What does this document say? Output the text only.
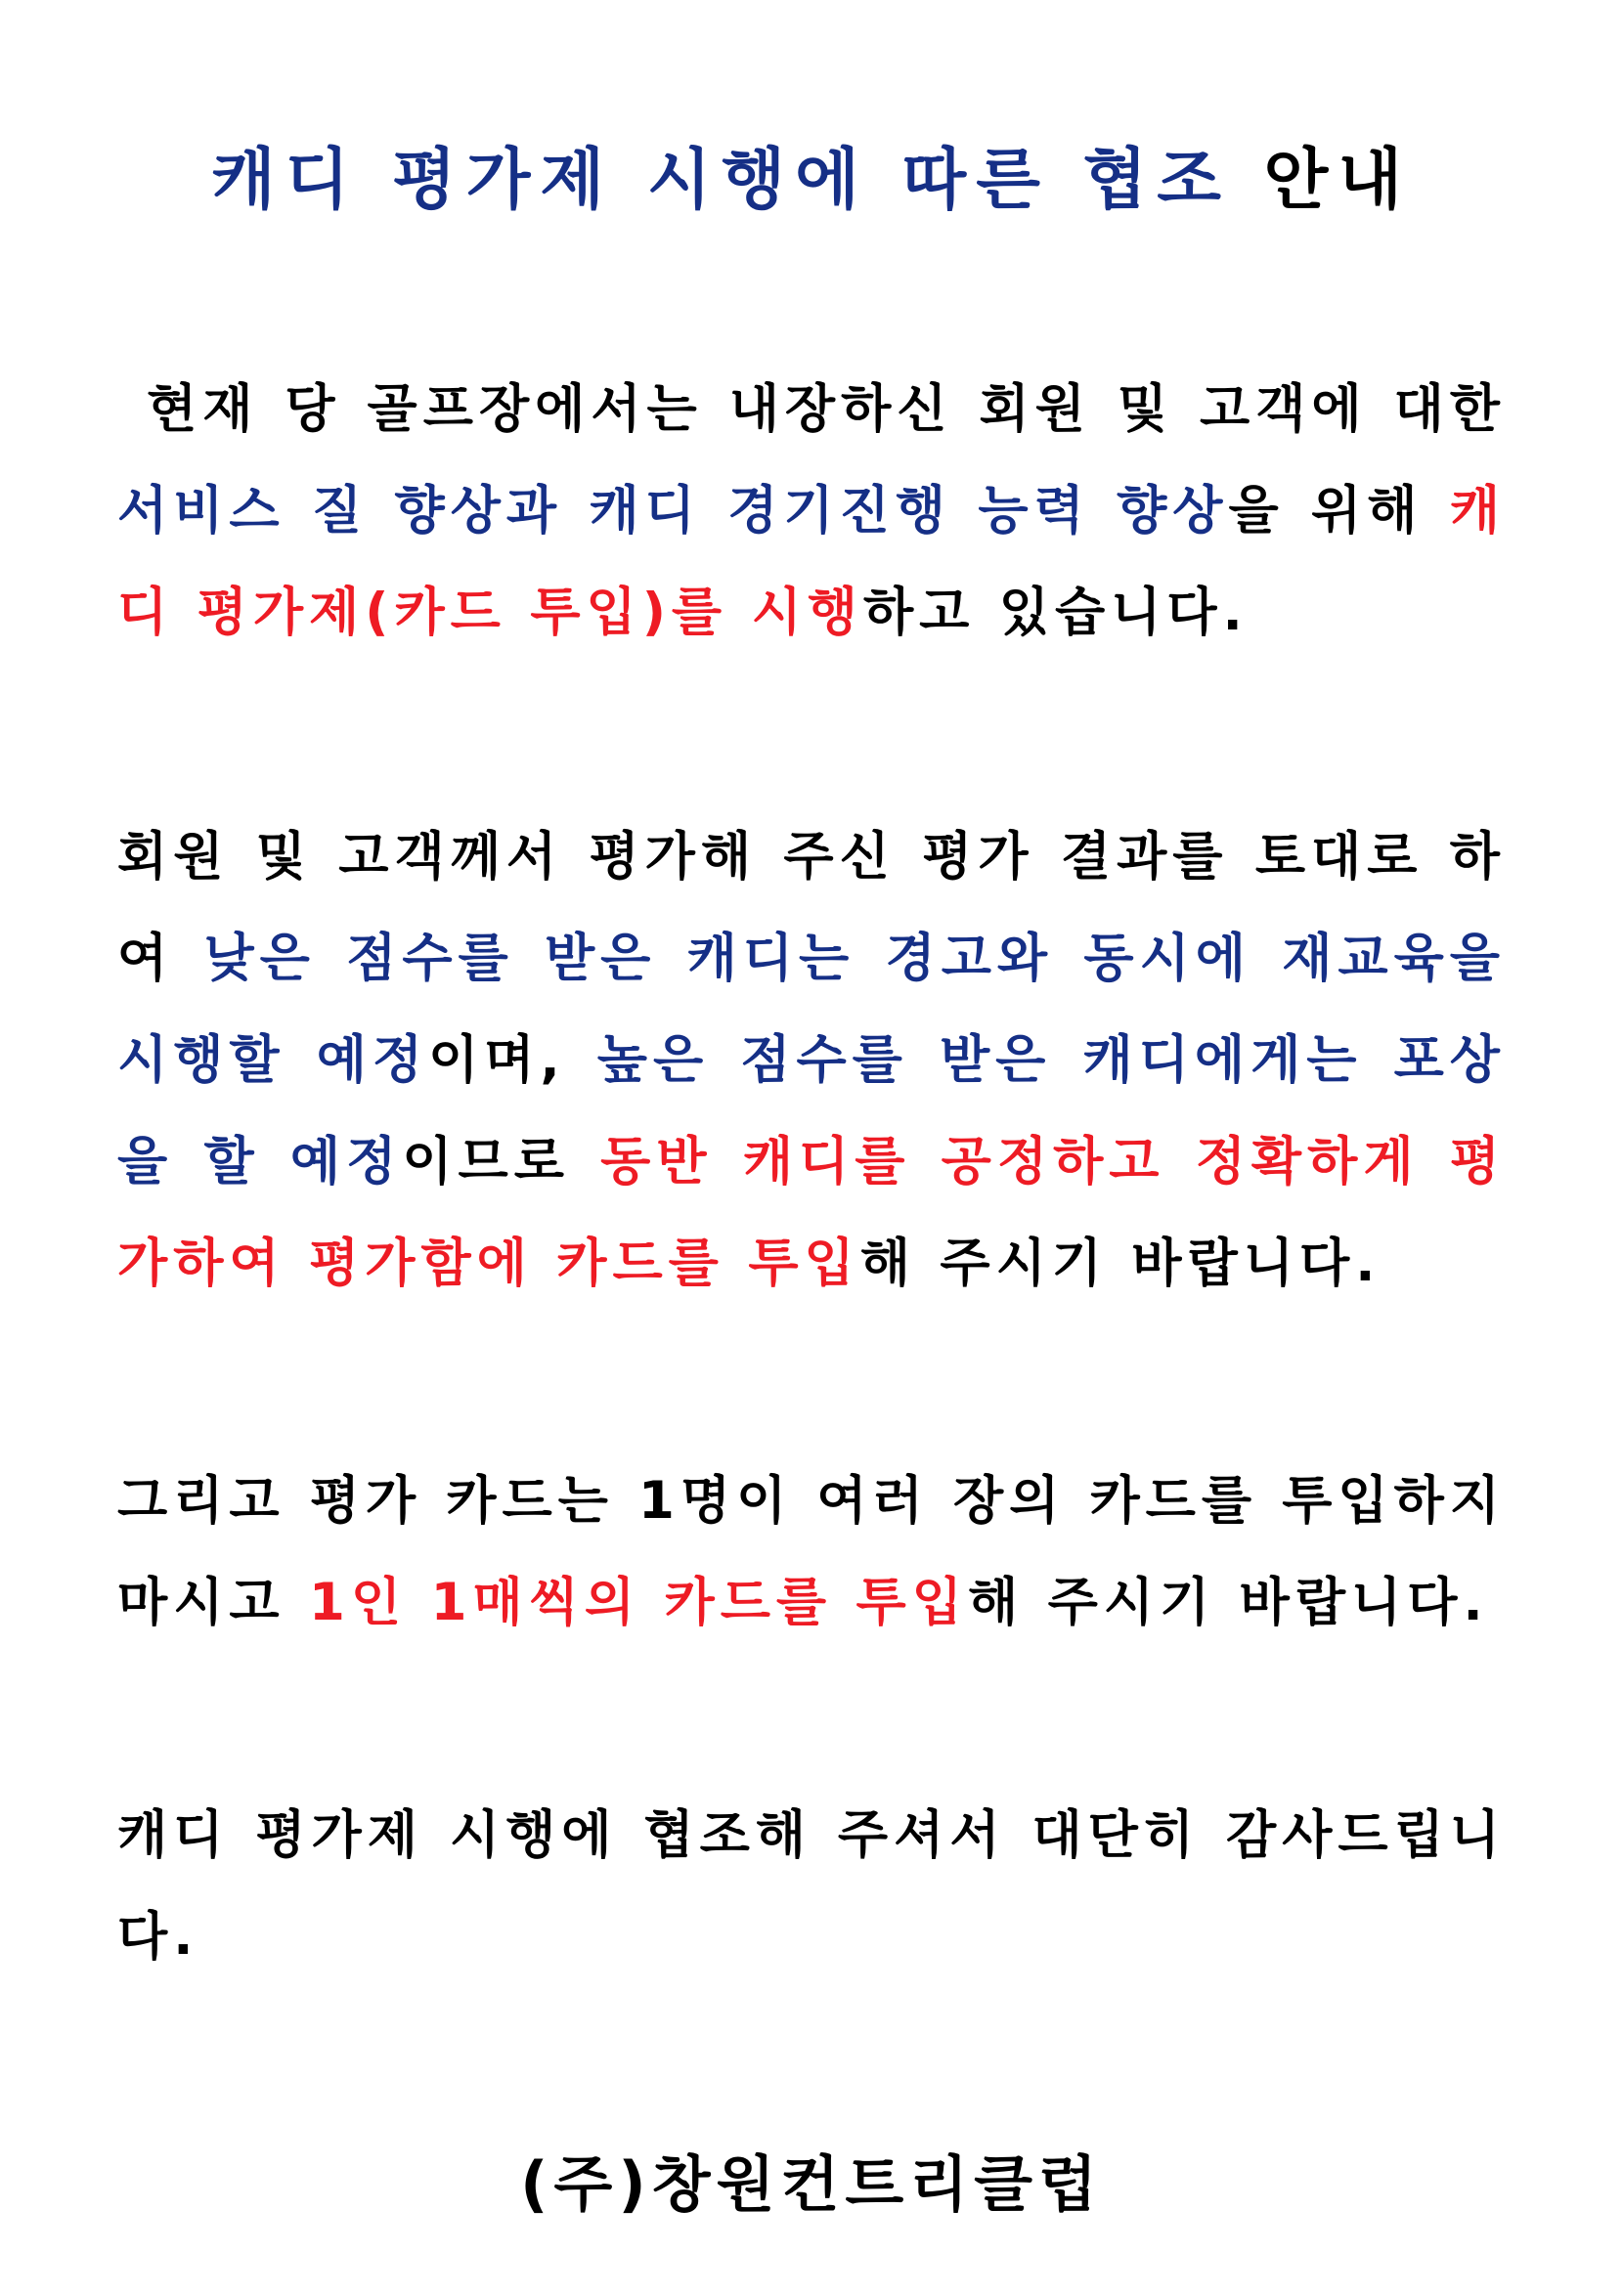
캐디 평가제 시행에 따른 협조 안내
현재 당 골프장에서는 내장하신 회원 및 고객에 대한 서비스 질 향상과 캐디 경기진행 능력 향상을 위해 캐디 평가제(카드 투입)를 시행하고 있습니다.
회원 및 고객께서 평가해 주신 평가 결과를 토대로 하여 낮은 점수를 받은 캐디는 경고와 동시에 재교육을 시행할 예정이며, 높은 점수를 받은 캐디에게는 포상을 할 예정이므로 동반 캐디를 공정하고 정확하게 평가하여 평가함에 카드를 투입해 주시기 바랍니다.
그리고 평가 카드는 1명이 여러 장의 카드를 투입하지 마시고 1인 1매씩의 카드를 투입해 주시기 바랍니다.
캐디 평가제 시행에 협조해 주셔서 대단히 감사드립니다.
(주)창원컨트리클럽
